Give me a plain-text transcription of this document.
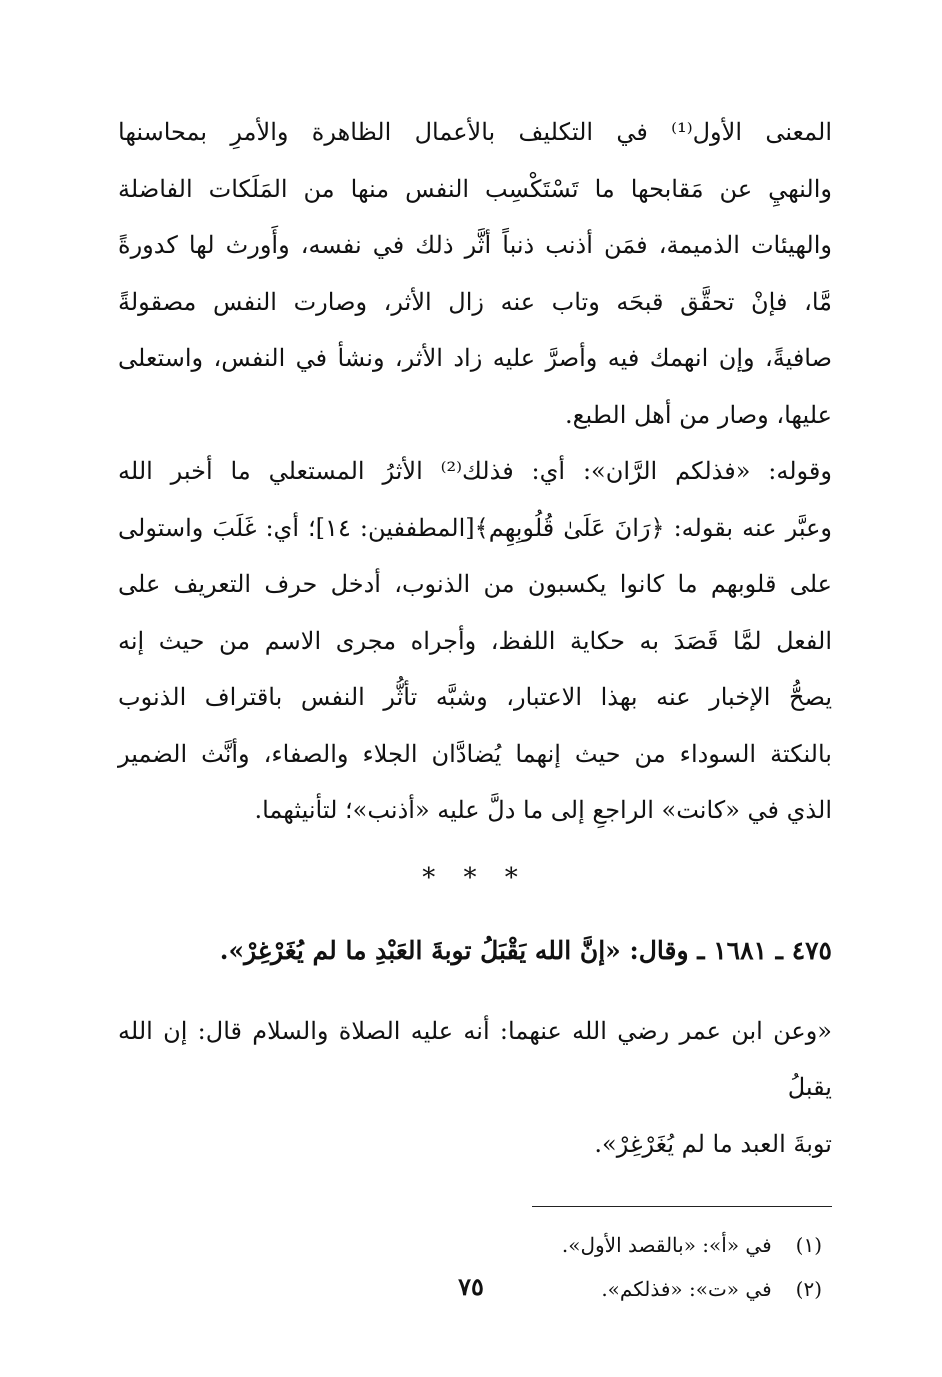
المعنى الأول⁽¹⁾ في التكليف بالأعمال الظاهرة والأمرِ بمحاسنها
والنهيِ عن مَقابحها ما تَسْتَكْسِب النفس منها من المَلَكات الفاضلة
والهيئات الذميمة، فمَن أذنب ذنباً أثَّر ذلك في نفسه، وأَورث لها كدورةً
مَّا، فإنْ تحقَّق قبحَه وتاب عنه زال الأثر، وصارت النفس مصقولةً
صافيةً، وإن انهمك فيه وأصرَّ عليه زاد الأثر، ونشأ في النفس، واستعلى
عليها، وصار من أهل الطبع.

وقوله: «فذلكم الرَّان»: أي: فذلك⁽²⁾ الأثرُ المستعلي ما أخبر الله
وعبَّر عنه بقوله: ﴿رَانَ عَلَىٰ قُلُوبِهِم﴾[المطففين: ١٤]؛ أي: غَلَبَ واستولى
على قلوبهم ما كانوا يكسبون من الذنوب، أدخل حرف التعريف على
الفعل لمَّا قَصَدَ به حكاية اللفظ، وأجراه مجرى الاسم من حيث إنه
يصحُّ الإخبار عنه بهذا الاعتبار، وشبَّه تأثُّر النفس باقتراف الذنوب
بالنكتة السوداء من حيث إنهما يُضادَّان الجلاء والصفاء، وأنَّث الضمير
الذي في «كانت» الراجعِ إلى ما دلَّ عليه «أذنب»؛ لتأنيثهما.

* * *

٤٧٥ ـ ١٦٨١ ـ وقال: «إنَّ الله يَقْبَلُ توبةَ العَبْدِ ما لم يُغَرْغِرْ».

«وعن ابن عمر رضي الله عنهما: أنه عليه الصلاة والسلام قال: إن الله يقبلُ
توبةَ العبد ما لم يُغَرْغِرْ».

(١) في «أ»: «بالقصد الأول».

(٢) في «ت»: «فذلكم».

٧٥
